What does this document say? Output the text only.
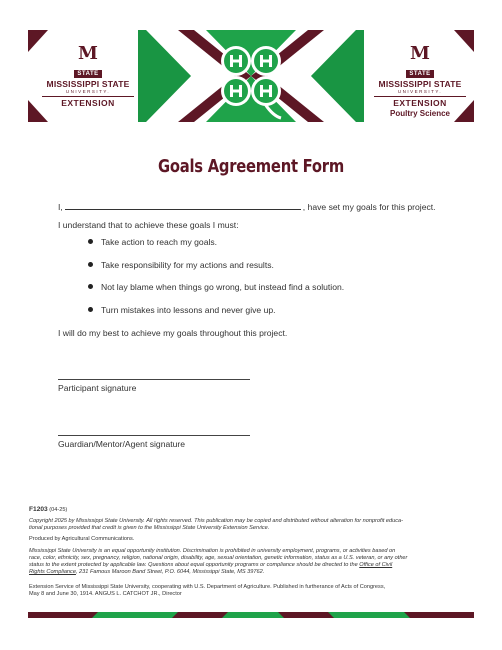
M
STATE
MISSISSIPPI STATE
UNIVERSITY.
EXTENSION
M
STATE
MISSISSIPPI STATE
UNIVERSITY.
EXTENSION
Poultry Science
Goals Agreement Form
I,	, have set my goals for this project.
I understand that to achieve these goals I must:
Take action to reach my goals.
Take responsibility for my actions and results.
Not lay blame when things go wrong, but instead find a solution.
Turn mistakes into lessons and never give up.
I will do my best to achieve my goals throughout this project.
Participant signature
Guardian/Mentor/Agent signature
F1203 (04-25)
Copyright 2025 by Mississippi State University. All rights reserved. This publication may be copied and distributed without alteration for nonprofit educa-
tional purposes provided that credit is given to the Mississippi State University Extension Service.
Produced by Agricultural Communications.
Mississippi State University is an equal opportunity institution. Discrimination is prohibited in university employment, programs, or activities based on
race, color, ethnicity, sex, pregnancy, religion, national origin, disability, age, sexual orientation, genetic information, status as a U.S. veteran, or any other
status to the extent protected by applicable law. Questions about equal opportunity programs or compliance should be directed to the Office of Civil
Rights Compliance, 231 Famous Maroon Band Street, P.O. 6044, Mississippi State, MS 39762.
Extension Service of Mississippi State University, cooperating with U.S. Department of Agriculture. Published in furtherance of Acts of Congress,
May 8 and June 30, 1914. ANGUS L. CATCHOT JR., Director
